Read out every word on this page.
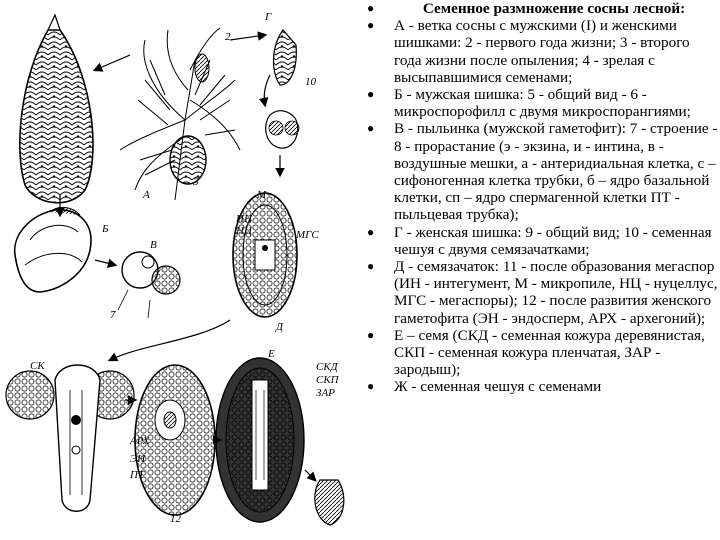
А
Г
М
ИН
НЦ	МГС
Д
Е
СКД
СКП
ЗАР
СК
АРХ
ЭН
ПТ
Б
В
7
12
2
3
10
●	Семенное размножение сосны лесной:
● А - ветка сосны с мужскими (I) и женскими шишками: 2 - первого года жизни; 3 - второго года жизни после опыления; 4 - зрелая с высыпавшимися семенами;
● Б - мужская шишка: 5 - общий вид - 6 - микроспорофилл с двумя микроспорангиями;
● В - пыльинка (мужской гаметофит): 7 - строение - 8 - прорастание (э - экзина, и - интина, в - воздушные мешки, а - антеридиальная клетка, с – сифоногенная клетка трубки, б – ядро базальной клетки, сп – ядро спермагенной клетки ПТ - пыльцевая трубка);
● Г - женская шишка: 9 - общий вид; 10 - семенная чешуя с двумя семязачатками;
● Д - семязачаток: 11 - после образования мегаспор (ИН - интегумент, М - микропиле, НЦ - нуцеллус, МГС - мегаспоры); 12 - после развития женского гаметофита (ЭН - эндосперм, АРХ - архегоний);
● Е – семя (СКД - семенная кожура деревянистая, СКП - семенная кожура пленчатая, ЗАР - зародыш);
● Ж - семенная чешуя с семенами
